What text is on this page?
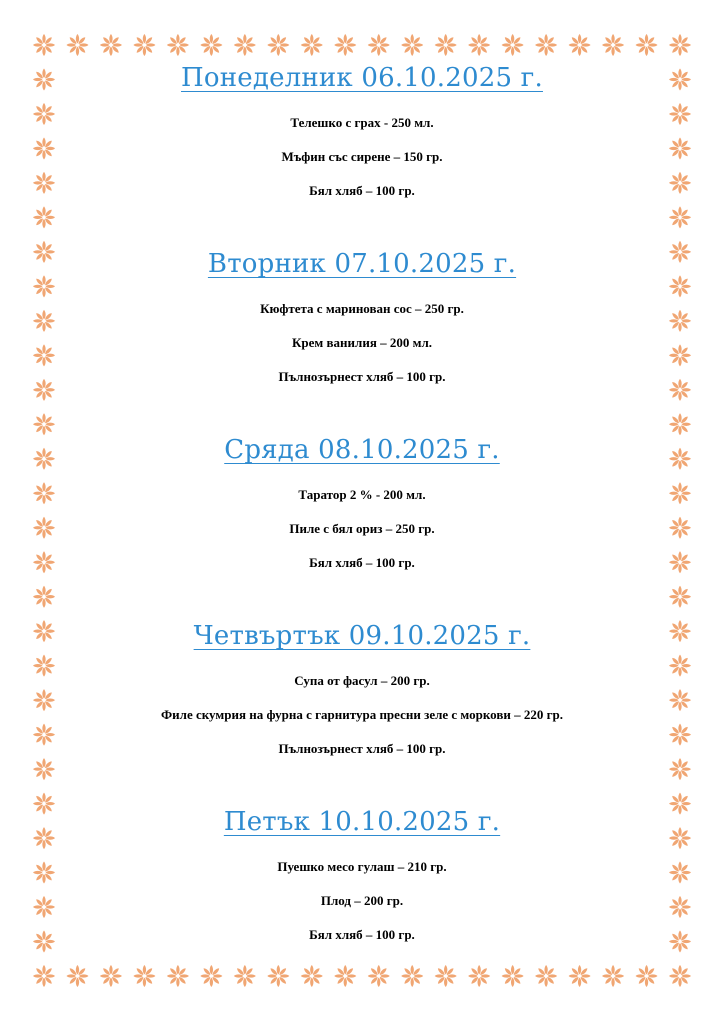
Понеделник 06.10.2025 г.

Телешко с грах - 250 мл.

Мъфин със сирене – 150 гр.

Бял хляб – 100 гр.

Вторник 07.10.2025 г.

Кюфтета с маринован сос – 250 гр.

Крем ванилия – 200 мл.

Пълнозърнест хляб – 100 гр.

Сряда 08.10.2025 г.

Таратор 2 % - 200 мл.

Пиле с бял ориз – 250 гр.

Бял хляб – 100 гр.

Четвъртък 09.10.2025 г.

Супа от фасул – 200 гр.

Филе скумрия на фурна с гарнитура пресни зеле с моркови – 220 гр.

Пълнозърнест хляб – 100 гр.

Петък 10.10.2025 г.

Пуешко месо гулаш – 210 гр.

Плод – 200 гр.

Бял хляб – 100 гр.
